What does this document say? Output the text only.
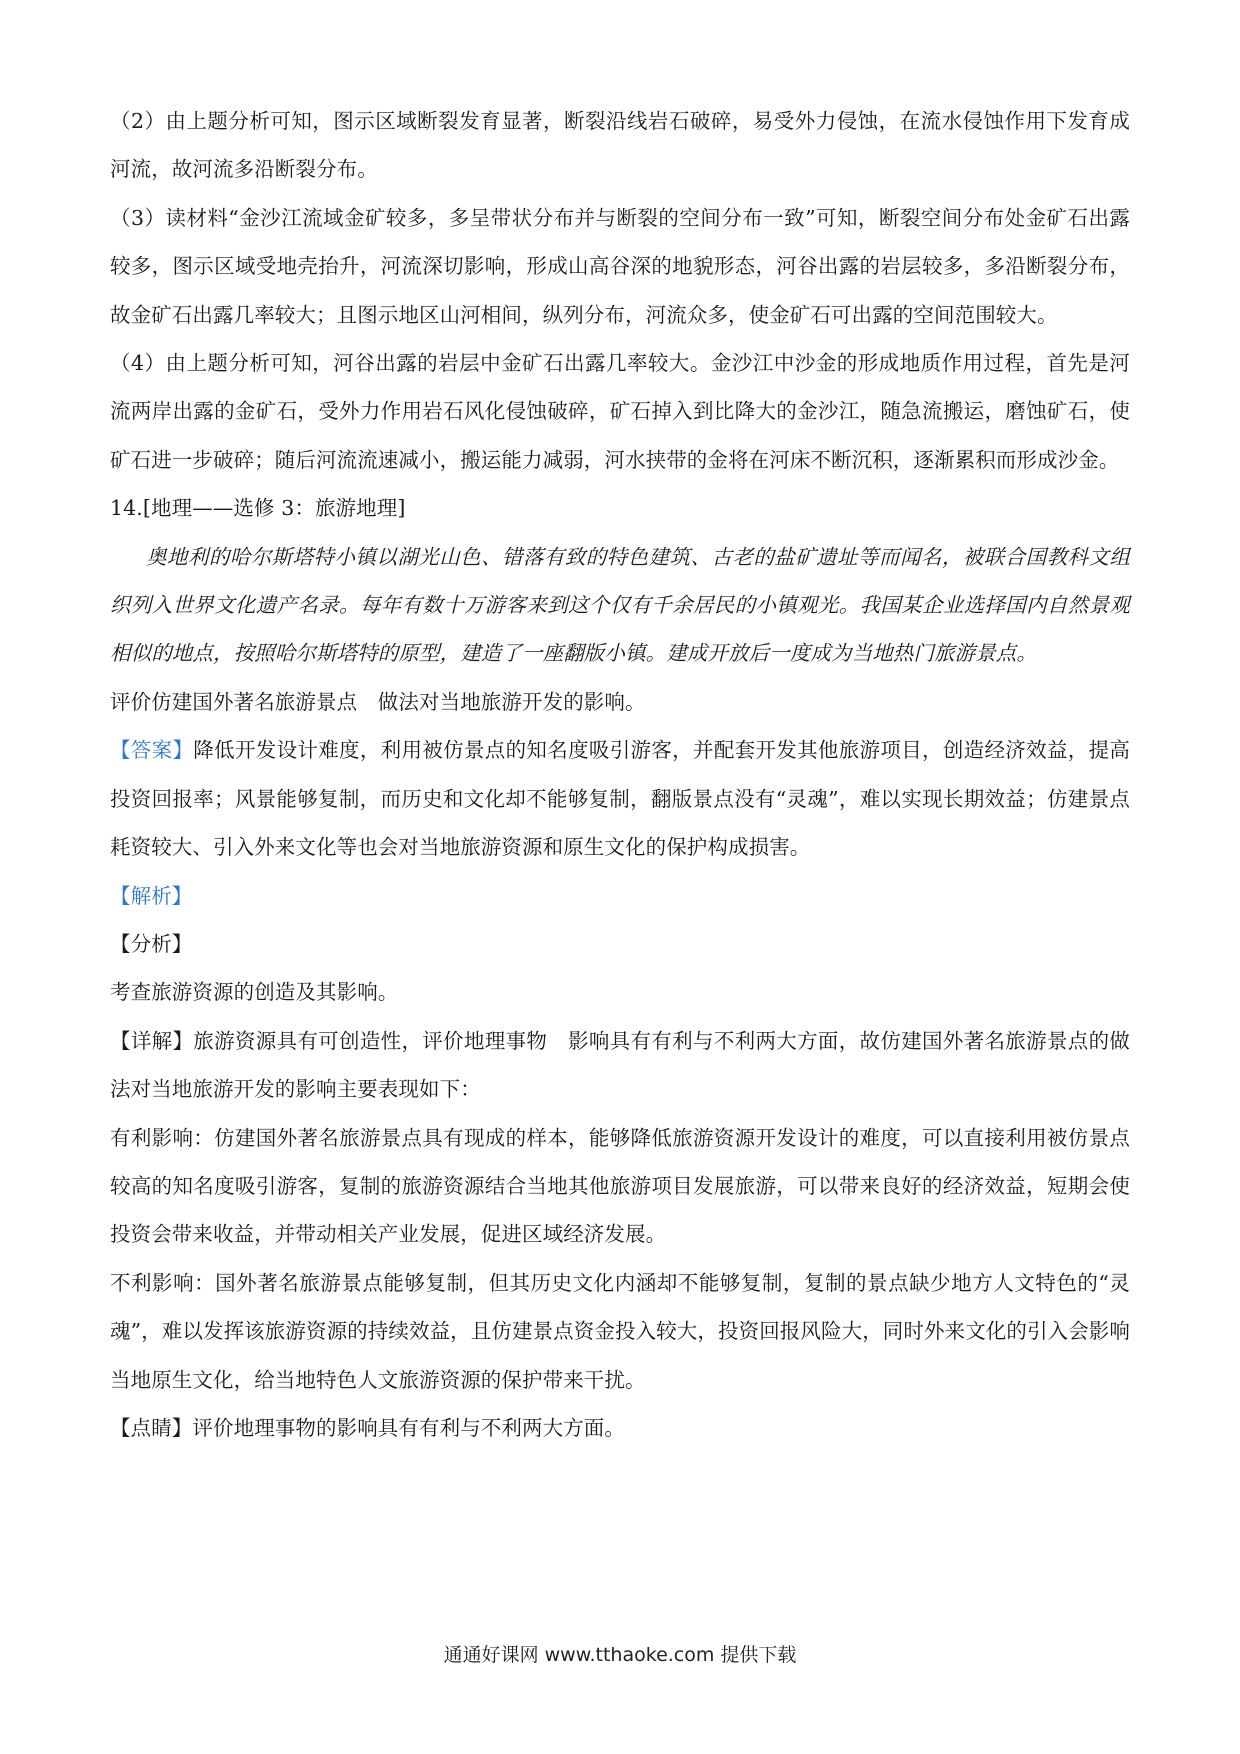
（2）由上题分析可知，图示区域断裂发育显著，断裂沿线岩石破碎，易受外力侵蚀，在流水侵蚀作用下发育成河流，故河流多沿断裂分布。

（3）读材料“金沙江流域金矿较多，多呈带状分布并与断裂的空间分布一致”可知，断裂空间分布处金矿石出露较多，图示区域受地壳抬升，河流深切影响，形成山高谷深的地貌形态，河谷出露的岩层较多，多沿断裂分布，故金矿石出露几率较大；且图示地区山河相间，纵列分布，河流众多，使金矿石可出露的空间范围较大。

（4）由上题分析可知，河谷出露的岩层中金矿石出露几率较大。金沙江中沙金的形成地质作用过程，首先是河流两岸出露的金矿石，受外力作用岩石风化侵蚀破碎，矿石掉入到比降大的金沙江，随急流搬运，磨蚀矿石，使矿石进一步破碎；随后河流流速减小，搬运能力减弱，河水挟带的金将在河床不断沉积，逐渐累积而形成沙金。

14.[地理——选修 3：旅游地理]

奥地利的哈尔斯塔特小镇以湖光山色、错落有致的特色建筑、古老的盐矿遗址等而闻名，被联合国教科文组织列入世界文化遗产名录。每年有数十万游客来到这个仅有千余居民的小镇观光。我国某企业选择国内自然景观相似的地点，按照哈尔斯塔特的原型，建造了一座翻版小镇。建成开放后一度成为当地热门旅游景点。

评价仿建国外著名旅游景点　做法对当地旅游开发的影响。

【答案】降低开发设计难度，利用被仿景点的知名度吸引游客，并配套开发其他旅游项目，创造经济效益，提高投资回报率；风景能够复制，而历史和文化却不能够复制，翻版景点没有“灵魂”，难以实现长期效益；仿建景点耗资较大、引入外来文化等也会对当地旅游资源和原生文化的保护构成损害。

【解析】

【分析】

考查旅游资源的创造及其影响。

【详解】旅游资源具有可创造性，评价地理事物　影响具有有利与不利两大方面，故仿建国外著名旅游景点的做法对当地旅游开发的影响主要表现如下：

有利影响：仿建国外著名旅游景点具有现成的样本，能够降低旅游资源开发设计的难度，可以直接利用被仿景点较高的知名度吸引游客，复制的旅游资源结合当地其他旅游项目发展旅游，可以带来良好的经济效益，短期会使投资会带来收益，并带动相关产业发展，促进区域经济发展。

不利影响：国外著名旅游景点能够复制，但其历史文化内涵却不能够复制，复制的景点缺少地方人文特色的“灵魂”，难以发挥该旅游资源的持续效益，且仿建景点资金投入较大，投资回报风险大，同时外来文化的引入会影响当地原生文化，给当地特色人文旅游资源的保护带来干扰。

【点睛】评价地理事物的影响具有有利与不利两大方面。

通通好课网 www.tthaoke.com 提供下载
